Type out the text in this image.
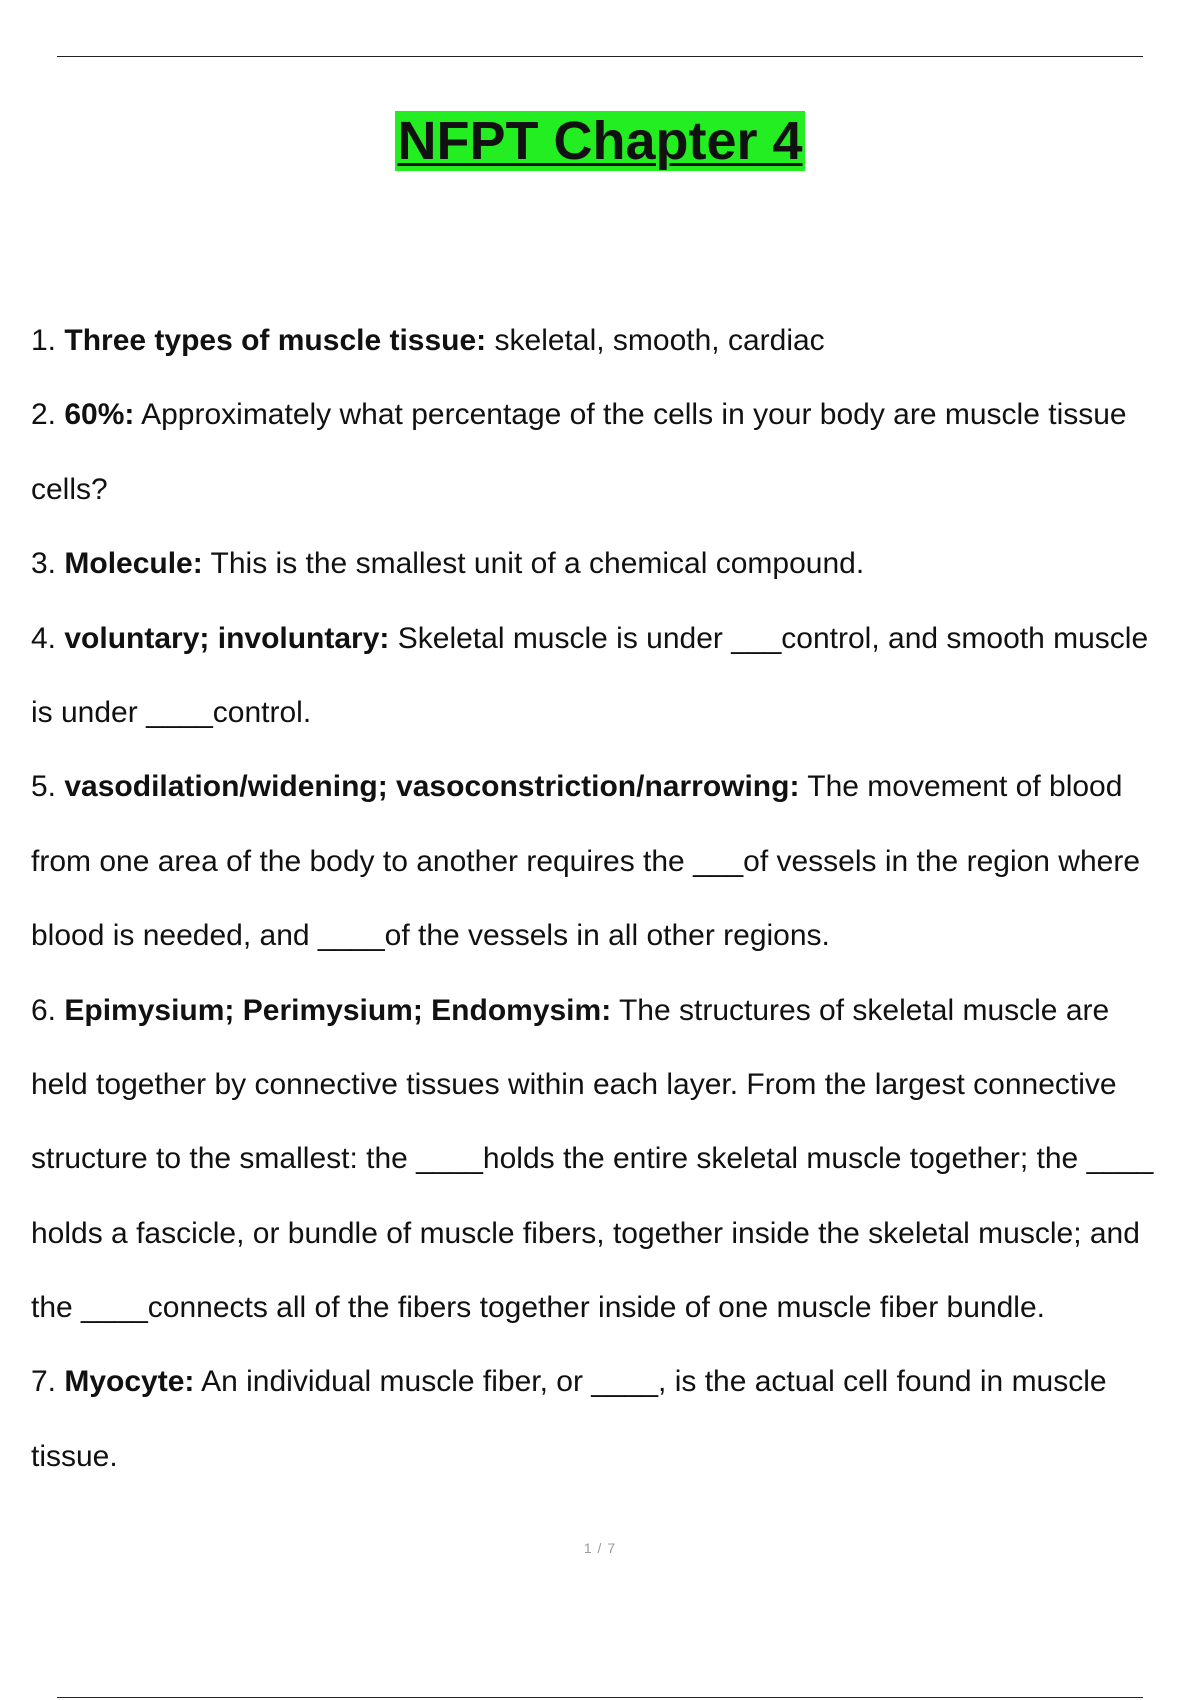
NFPT Chapter 4
1. Three types of muscle tissue: skeletal, smooth, cardiac
2. 60%: Approximately what percentage of the cells in your body are muscle tissue
cells?
3. Molecule: This is the smallest unit of a chemical compound.
4. voluntary; involuntary: Skeletal muscle is under ___control, and smooth muscle
is under ____control.
5. vasodilation/widening; vasoconstriction/narrowing: The movement of blood
from one area of the body to another requires the ___of vessels in the region where
blood is needed, and ____of the vessels in all other regions.
6. Epimysium; Perimysium; Endomysim: The structures of skeletal muscle are
held together by connective tissues within each layer. From the largest connective
structure to the smallest: the ____holds the entire skeletal muscle together; the ____
holds a fascicle, or bundle of muscle fibers, together inside the skeletal muscle; and
the ____connects all of the fibers together inside of one muscle fiber bundle.
7. Myocyte: An individual muscle fiber, or ____, is the actual cell found in muscle
tissue.
1 / 7
